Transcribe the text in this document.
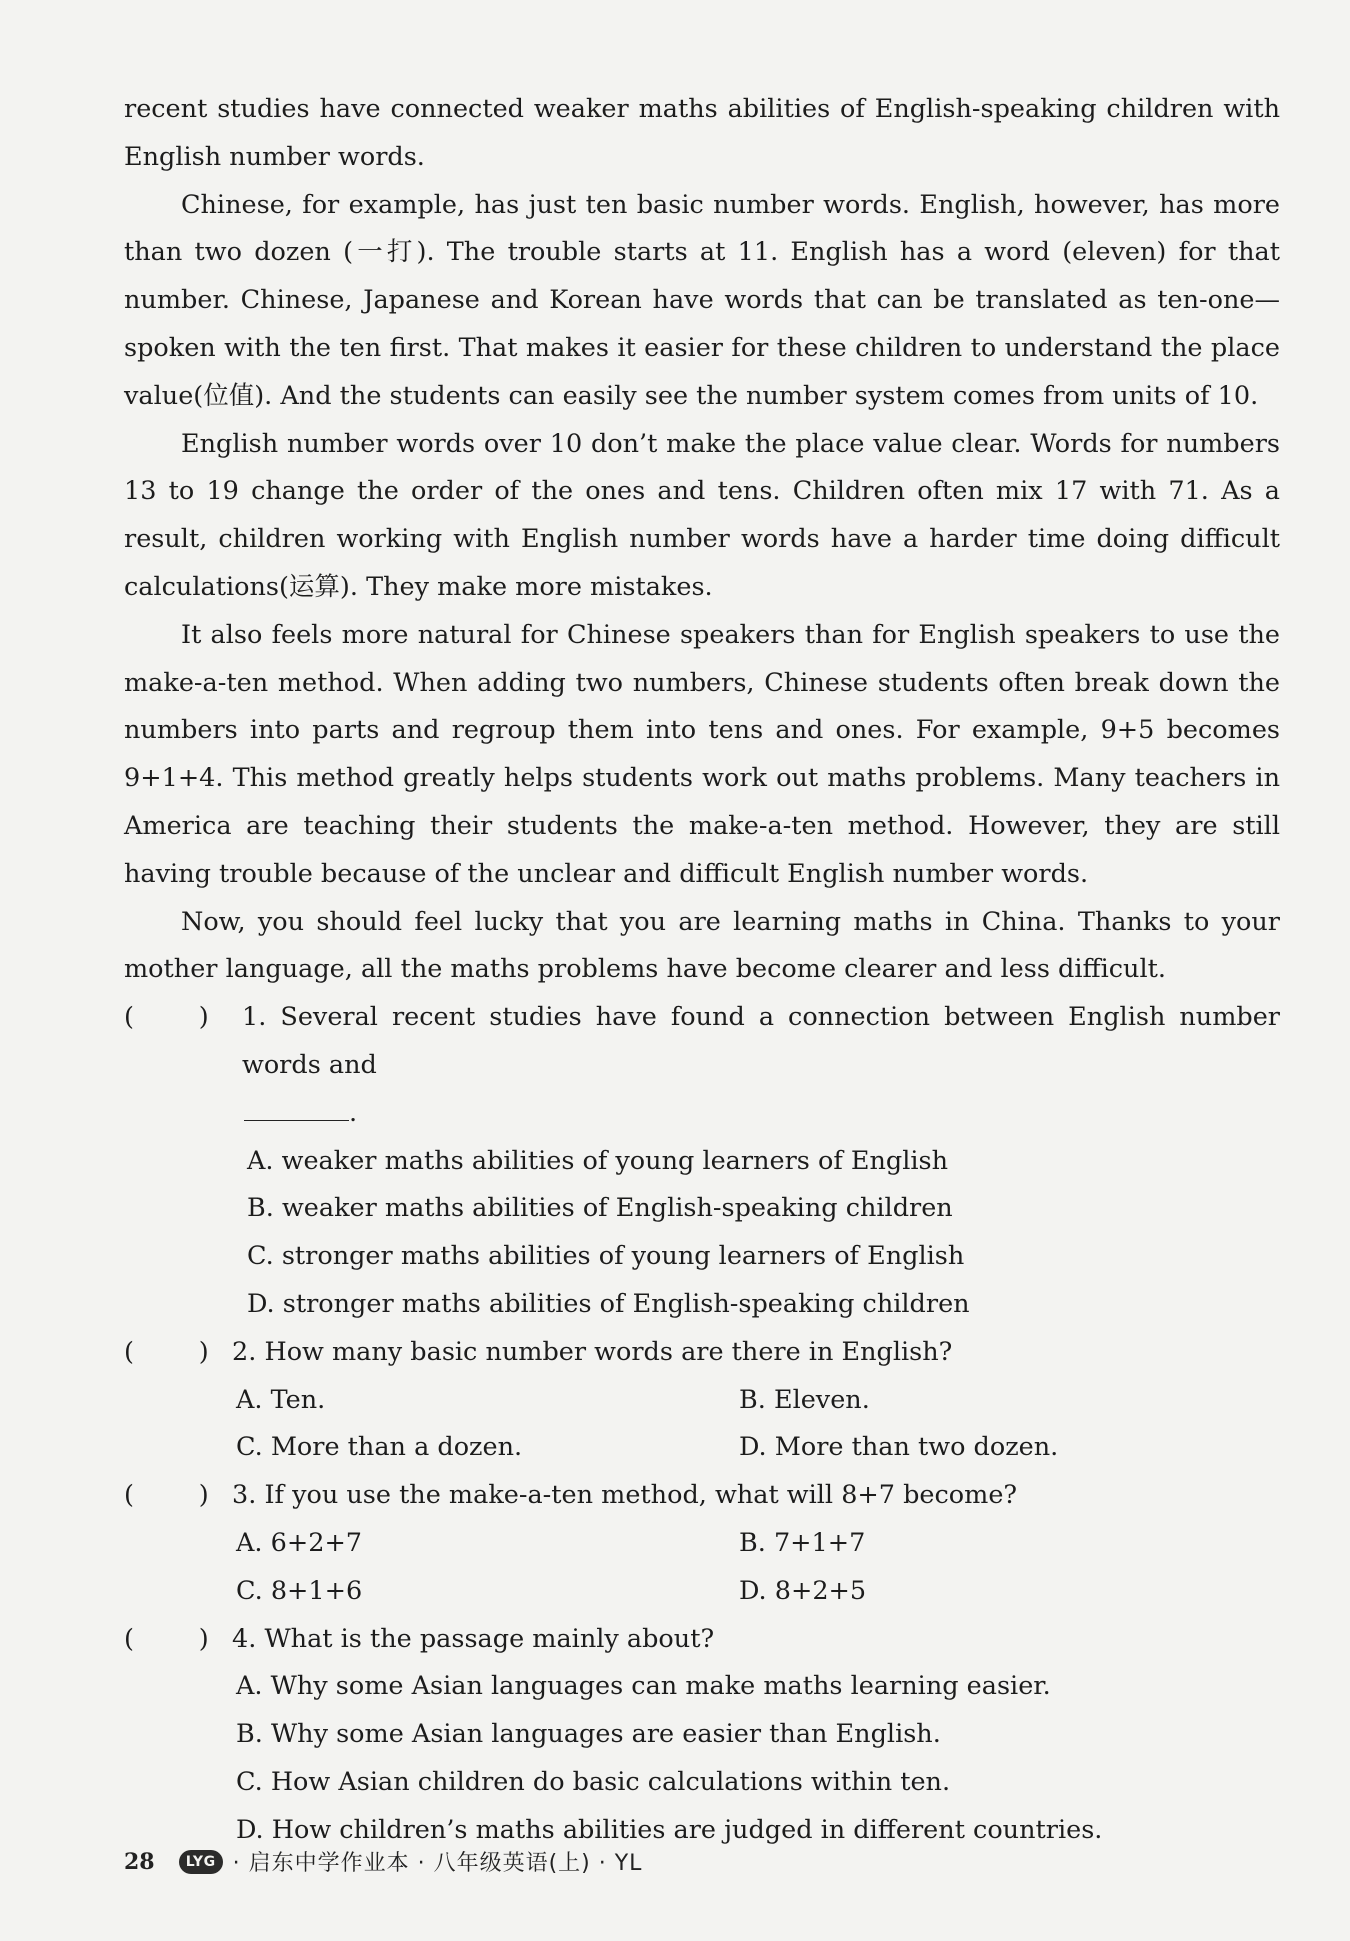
recent studies have connected weaker maths abilities of English-speaking children with English number words.

Chinese, for example, has just ten basic number words. English, however, has more than two dozen (一打). The trouble starts at 11. English has a word (eleven) for that number. Chinese, Japanese and Korean have words that can be translated as ten-one—spoken with the ten first. That makes it easier for these children to understand the place value(位值). And the students can easily see the number system comes from units of 10.

English number words over 10 don’t make the place value clear. Words for numbers 13 to 19 change the order of the ones and tens. Children often mix 17 with 71. As a result, children working with English number words have a harder time doing difficult calculations(运算). They make more mistakes.

It also feels more natural for Chinese speakers than for English speakers to use the make-a-ten method. When adding two numbers, Chinese students often break down the numbers into parts and regroup them into tens and ones. For example, 9+5 becomes 9+1+4. This method greatly helps students work out maths problems. Many teachers in America are teaching their students the make-a-ten method. However, they are still having trouble because of the unclear and difficult English number words.

Now, you should feel lucky that you are learning maths in China. Thanks to your mother language, all the maths problems have become clearer and less difficult.

(        )	1. Several recent studies have found a connection between English number words and
.
A. weaker maths abilities of young learners of English
B. weaker maths abilities of English-speaking children
C. stronger maths abilities of young learners of English
D. stronger maths abilities of English-speaking children
(        ) 2. How many basic number words are there in English?
A. Ten.	B. Eleven.
C. More than a dozen.	D. More than two dozen.
(        ) 3. If you use the make-a-ten method, what will 8+7 become?
A. 6+2+7	B. 7+1+7
C. 8+1+6	D. 8+2+5
(        ) 4. What is the passage mainly about?
A. Why some Asian languages can make maths learning easier.
B. Why some Asian languages are easier than English.
C. How Asian children do basic calculations within ten.
D. How children’s maths abilities are judged in different countries.
28	LYG · 启东中学作业本 · 八年级英语(上) · YL
